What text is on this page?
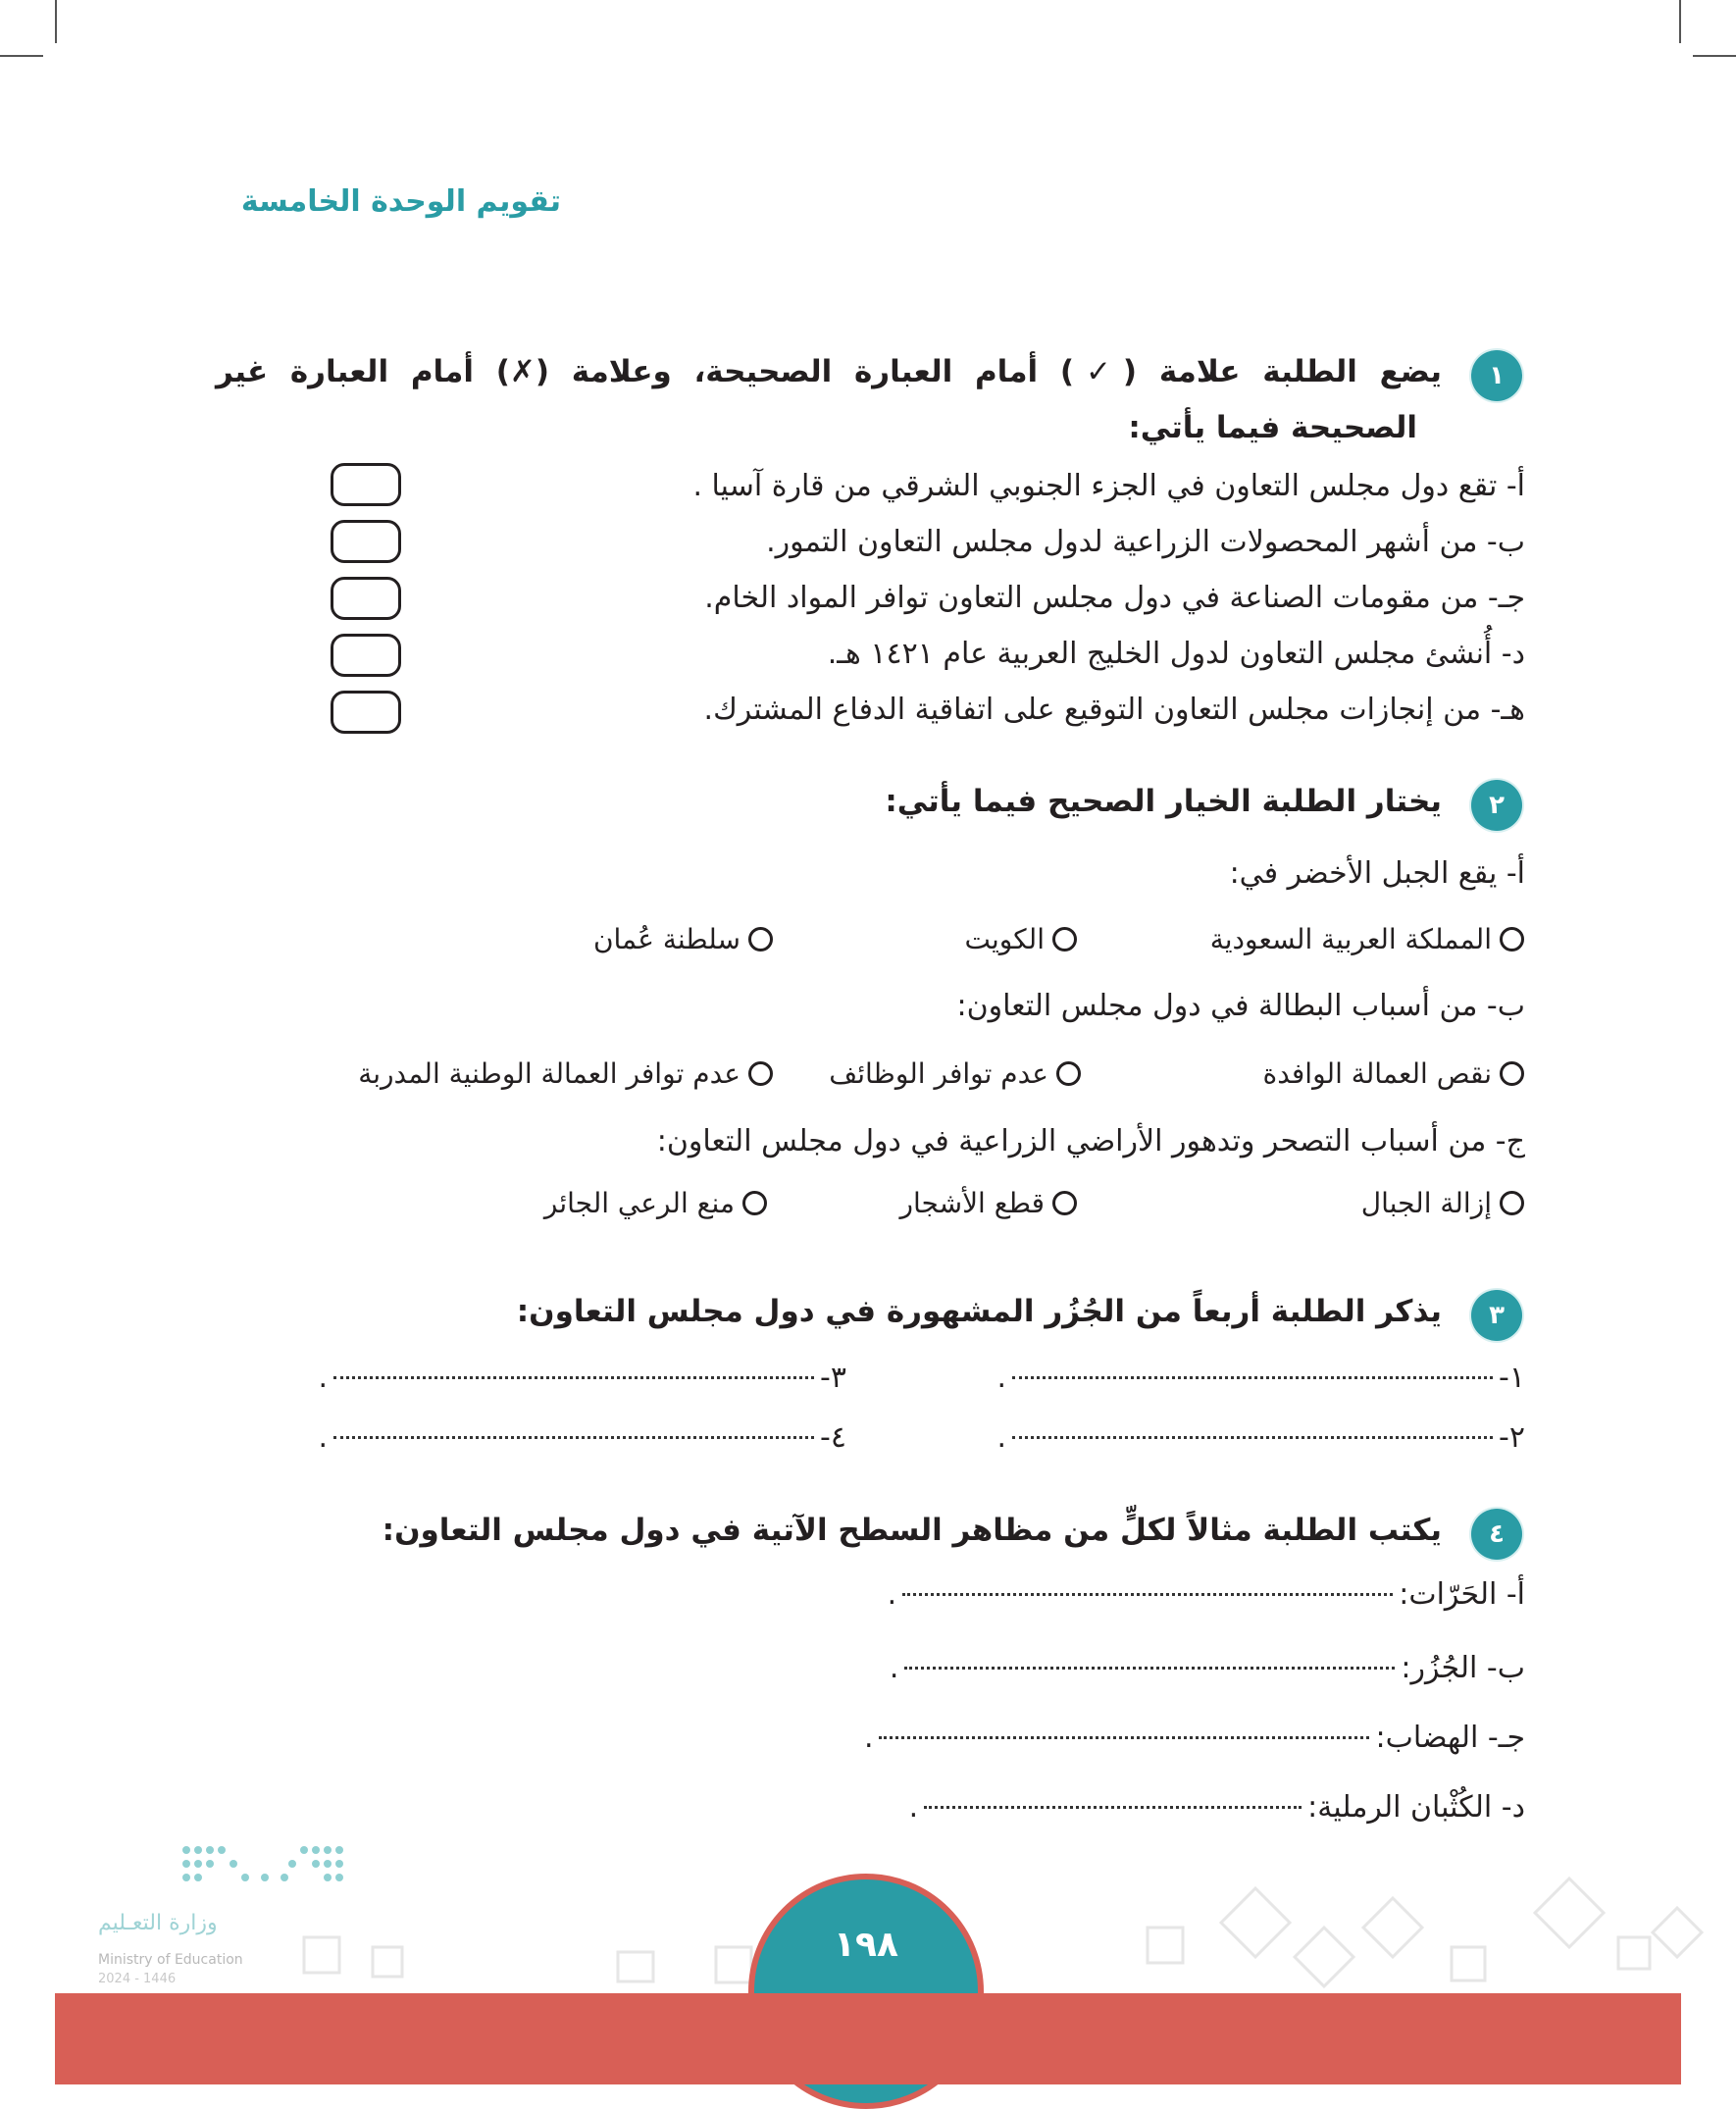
تقويم الوحدة الخامسة
١
يضع الطلبة علامة (✓) أمام العبارة الصحيحة، وعلامة (✗) أمام العبارة غير
الصحيحة فيما يأتي:
أ- تقع دول مجلس التعاون في الجزء الجنوبي الشرقي من قارة آسيا .
ب- من أشهر المحصولات الزراعية لدول مجلس التعاون التمور.
جـ- من مقومات الصناعة في دول مجلس التعاون توافر المواد الخام.
د- أُنشئ مجلس التعاون لدول الخليج العربية عام ١٤٢١ هـ.
هـ- من إنجازات مجلس التعاون التوقيع على اتفاقية الدفاع المشترك.
٢
يختار الطلبة الخيار الصحيح فيما يأتي:
أ- يقع الجبل الأخضر في:
المملكة العربية السعودية
الكويت
سلطنة عُمان
ب- من أسباب البطالة في دول مجلس التعاون:
نقص العمالة الوافدة
عدم توافر الوظائف
عدم توافر العمالة الوطنية المدربة
ج- من أسباب التصحر وتدهور الأراضي الزراعية في دول مجلس التعاون:
إزالة الجبال
قطع الأشجار
منع الرعي الجائر
٣
يذكر الطلبة أربعاً من الجُزُر المشهورة في دول مجلس التعاون:
١-
.
٢-
.
٣-
.
٤-
.
٤
يكتب الطلبة مثالاً لكلٍّ من مظاهر السطح الآتية في دول مجلس التعاون:
أ- الحَرّات:
.
ب- الجُزُر:
.
جـ- الهضاب:
.
د- الكُثْبان الرملية:
.
وزارة التعـليم
Ministry of Education
2024 - 1446
١٩٨
